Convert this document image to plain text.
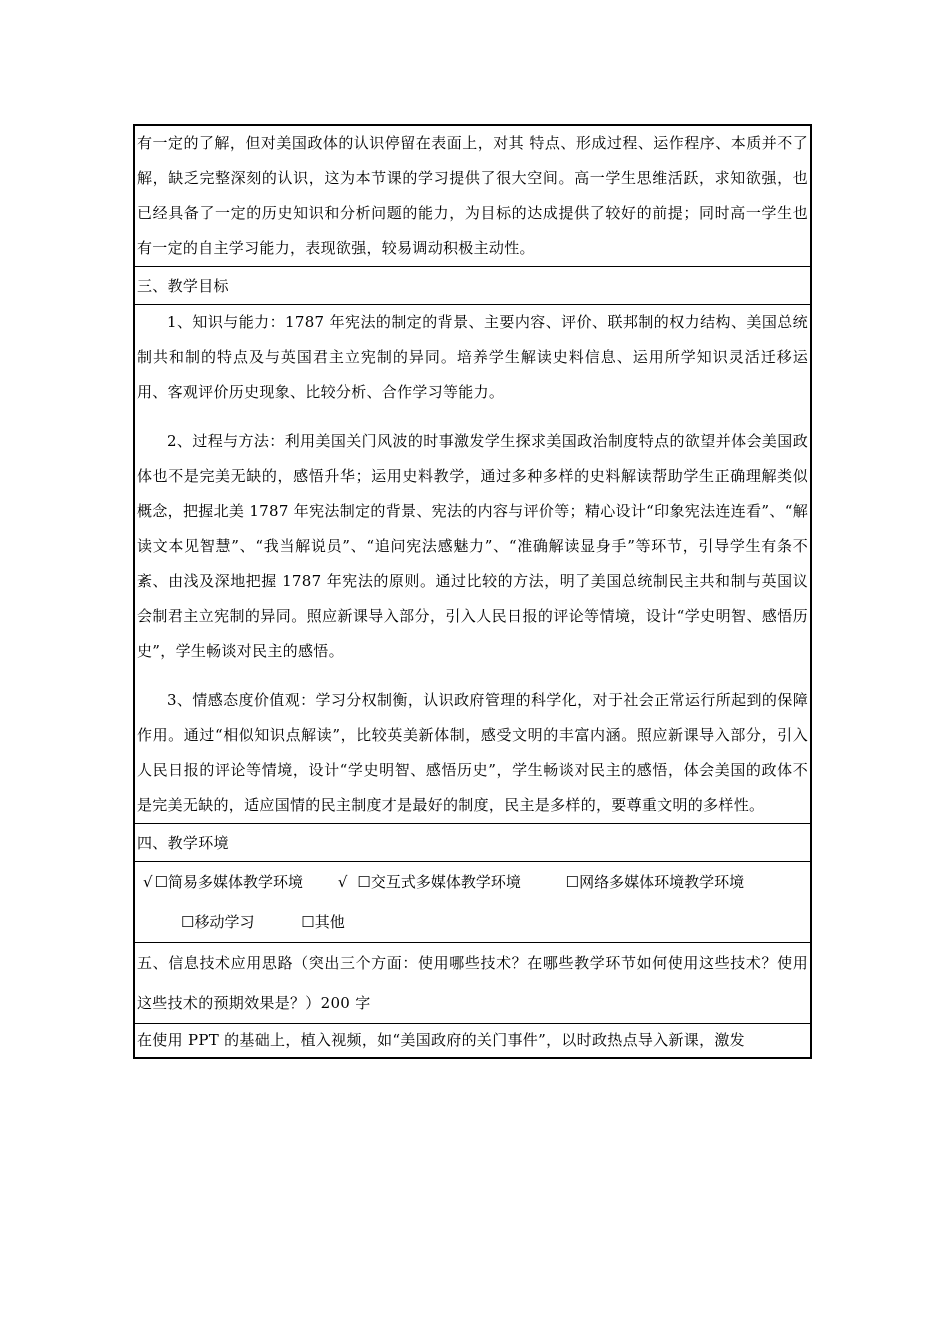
有一定的了解，但对美国政体的认识停留在表面上，对其 特点、形成过程、运作程序、本质并不了解，缺乏完整深刻的认识，这为本节课的学习提供了很大空间。高一学生思维活跃，求知欲强，也已经具备了一定的历史知识和分析问题的能力，为目标的达成提供了较好的前提；同时高一学生也有一定的自主学习能力，表现欲强，较易调动积极主动性。

三、教学目标

1、知识与能力：1787 年宪法的制定的背景、主要内容、评价、联邦制的权力结构、美国总统制共和制的特点及与英国君主立宪制的异同。培养学生解读史料信息、运用所学知识灵活迁移运用、客观评价历史现象、比较分析、合作学习等能力。

2、过程与方法：利用美国关门风波的时事激发学生探求美国政治制度特点的欲望并体会美国政体也不是完美无缺的，感悟升华；运用史料教学，通过多种多样的史料解读帮助学生正确理解类似概念，把握北美 1787 年宪法制定的背景、宪法的内容与评价等；精心设计“印象宪法连连看”、“解读文本见智慧”、“我当解说员”、“追问宪法感魅力”、“准确解读显身手”等环节，引导学生有条不紊、由浅及深地把握 1787 年宪法的原则。通过比较的方法，明了美国总统制民主共和制与英国议会制君主立宪制的异同。照应新课导入部分，引入人民日报的评论等情境，设计“学史明智、感悟历史”，学生畅谈对民主的感悟。

3、情感态度价值观：学习分权制衡，认识政府管理的科学化，对于社会正常运行所起到的保障作用。通过“相似知识点解读”，比较英美新体制，感受文明的丰富内涵。照应新课导入部分，引入人民日报的评论等情境，设计“学史明智、感悟历史”，学生畅谈对民主的感悟，体会美国的政体不是完美无缺的，适应国情的民主制度才是最好的制度，民主是多样的，要尊重文明的多样性。

四、教学环境

√ ☐简易多媒体教学环境 √ ☐交互式多媒体教学环境	☐网络多媒体环境教学环境☐移动学习	☐其他

五、信息技术应用思路（突出三个方面：使用哪些技术？在哪些教学环节如何使用这些技术？使用这些技术的预期效果是？）200 字

在使用 PPT 的基础上，植入视频，如“美国政府的关门事件”，以时政热点导入新课，激发
